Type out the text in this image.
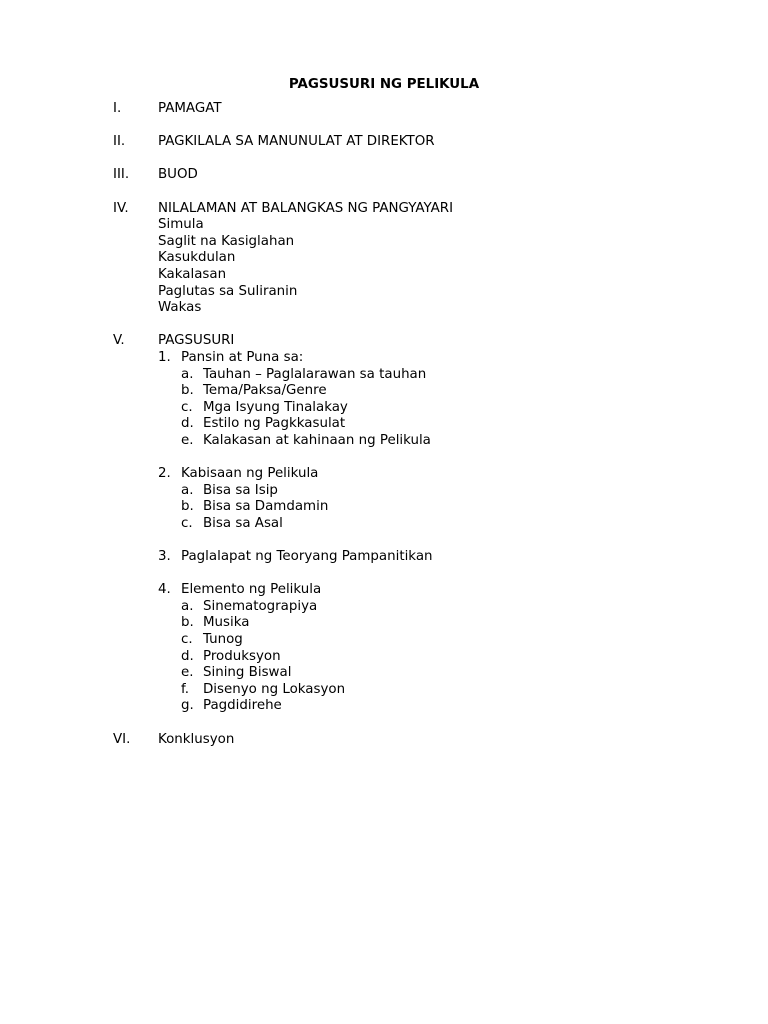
PAGSUSURI NG PELIKULA
I.	PAMAGAT
II. PAGKILALA SA MANUNULAT AT DIREKTOR
III. BUOD
IV. NILALAMAN AT BALANGKAS NG PANGYAYARI
Simula
Saglit na Kasiglahan
Kasukdulan
Kakalasan
Paglutas sa Suliranin
Wakas
V. PAGSUSURI
1. Pansin at Puna sa:
a. Tauhan – Paglalarawan sa tauhan
b. Tema/Paksa/Genre
c. Mga Isyung Tinalakay
d. Estilo ng Pagkkasulat
e. Kalakasan at kahinaan ng Pelikula
2. Kabisaan ng Pelikula
a. Bisa sa Isip
b. Bisa sa Damdamin
c. Bisa sa Asal
3. Paglalapat ng Teoryang Pampanitikan
4. Elemento ng Pelikula
a. Sinematograpiya
b. Musika
c. Tunog
d. Produksyon
e. Sining Biswal
f. Disenyo ng Lokasyon
g. Pagdidirehe
VI. Konklusyon
